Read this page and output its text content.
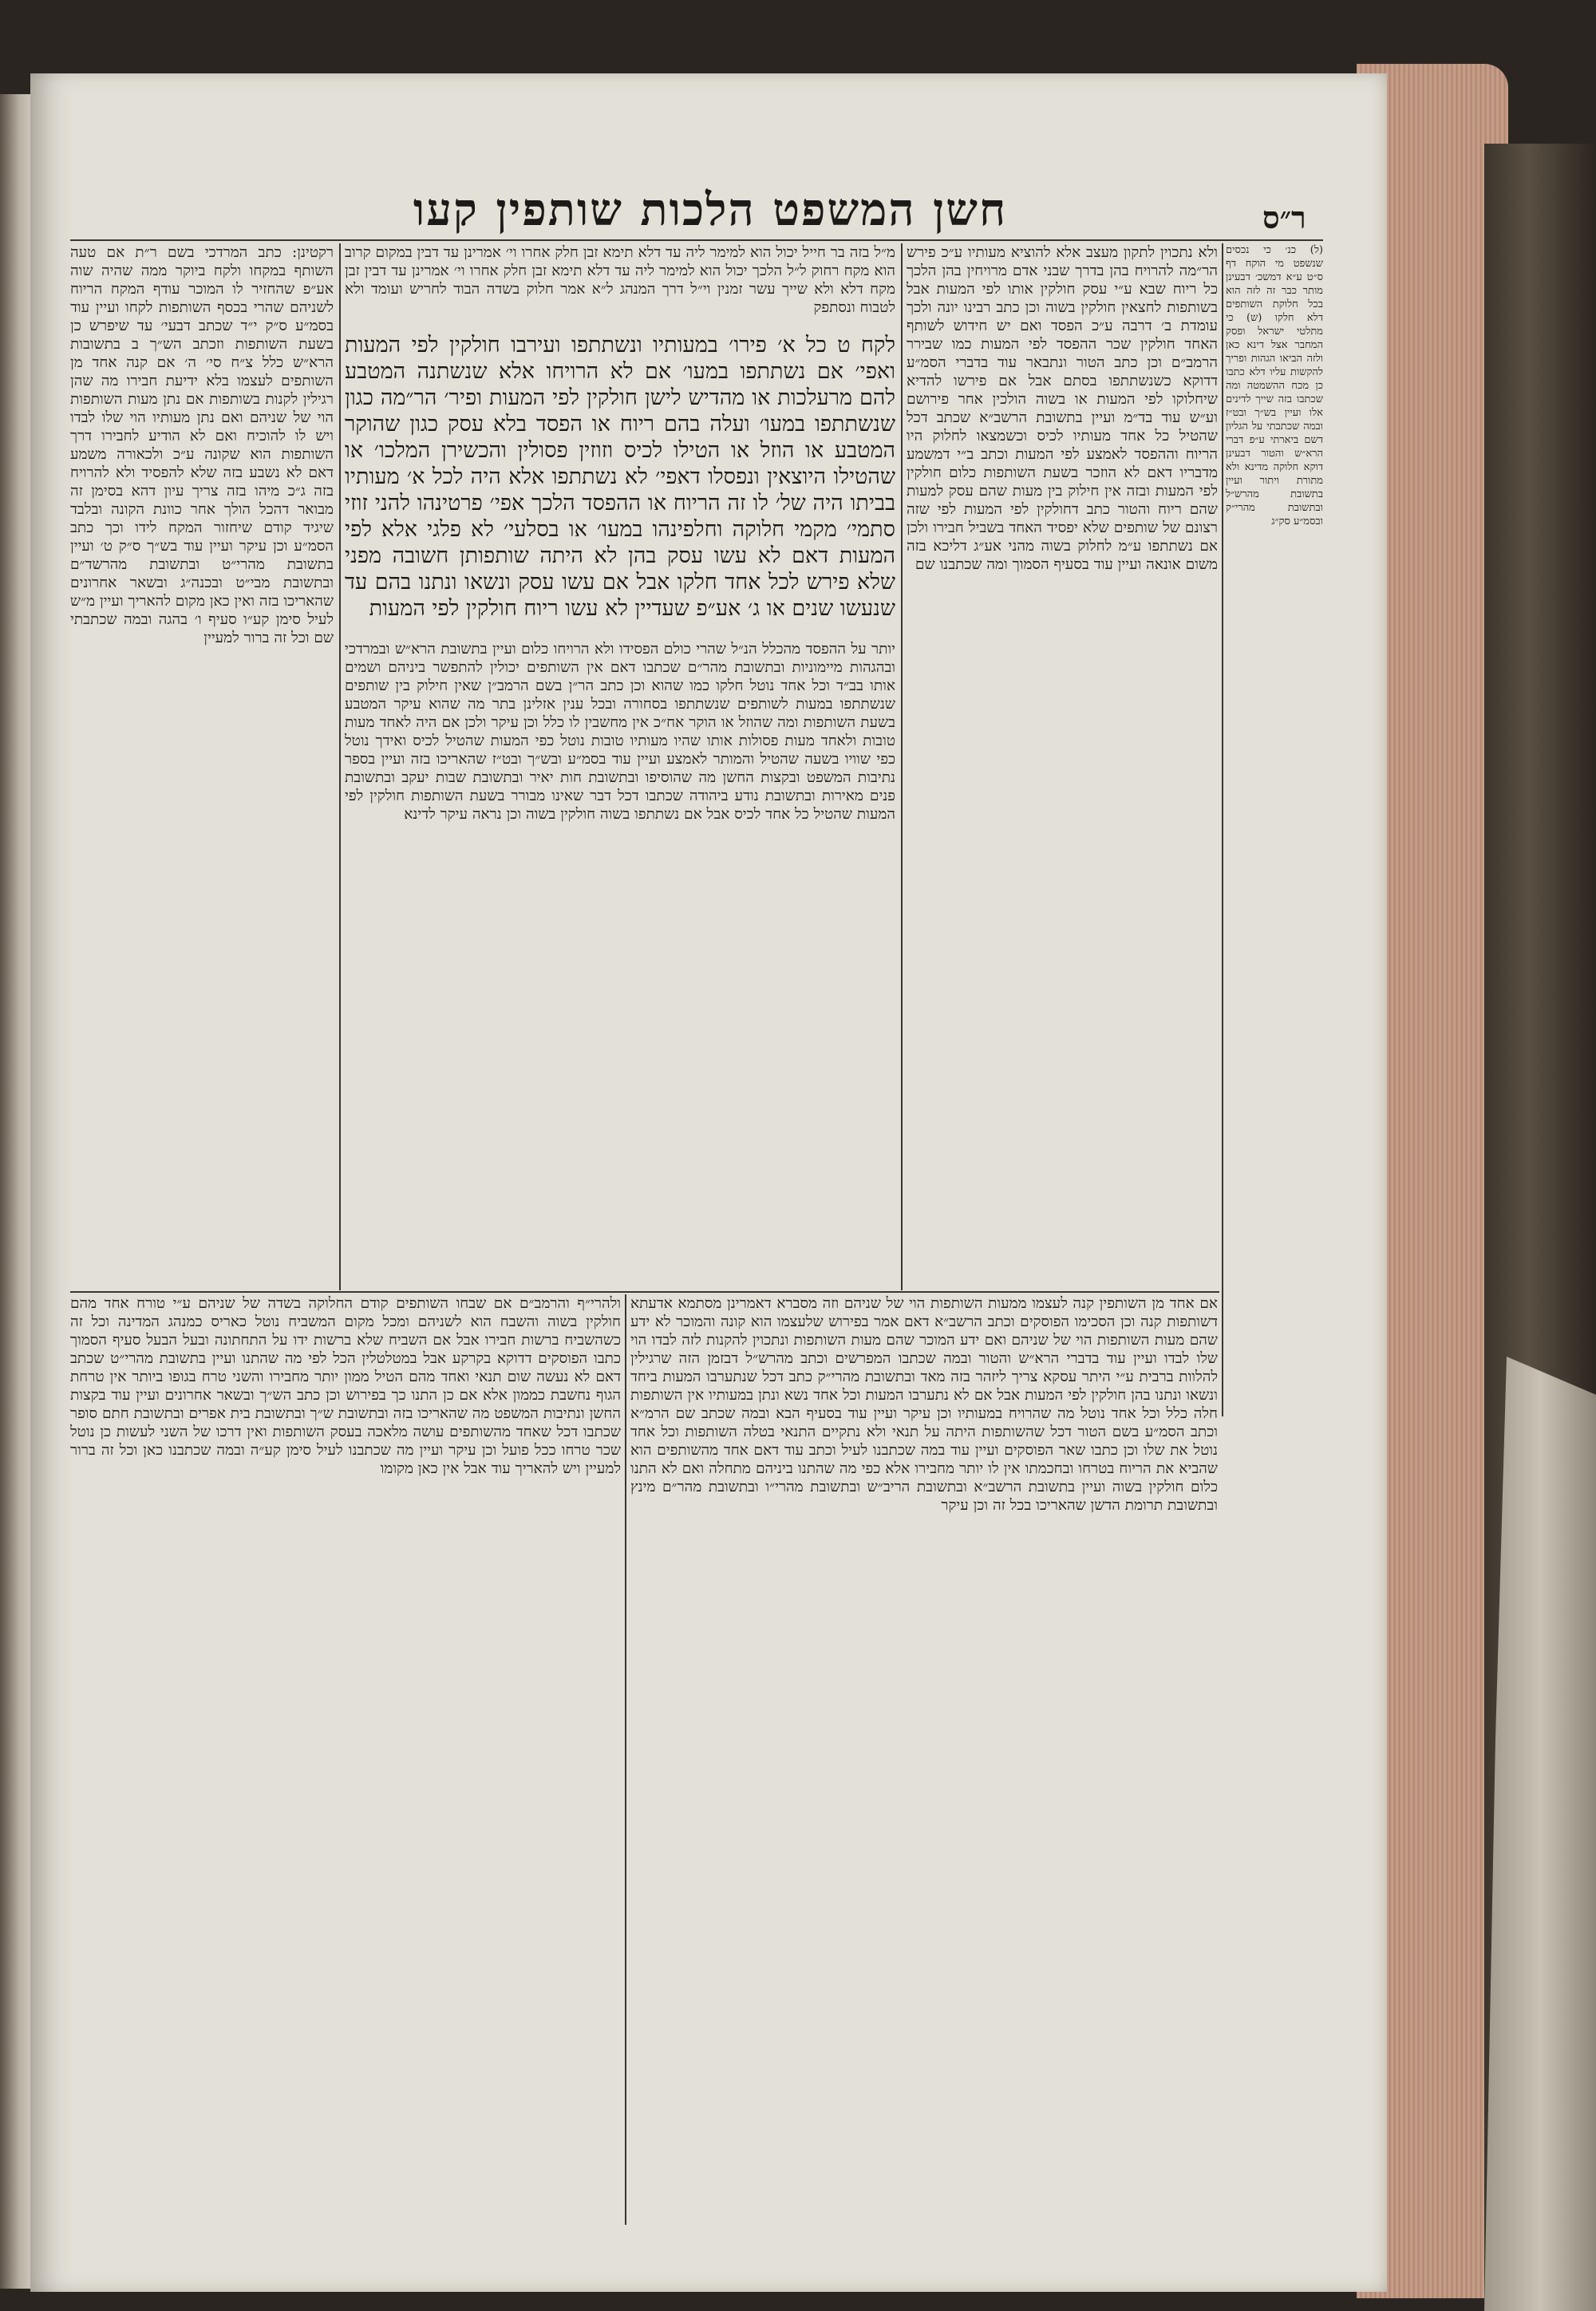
חשן המשפט הלכות שותפין קעו	ר״ס

(ל) כנ׳ כי נכסים שנשפט מי הוקח דף ס״ט ע״א דמשכ׳ דבעינן מותר כבר זה לזה הוא בכל חלוקת השותפים דלא חלקו (ש) כי מתלטי ישראל ופסק המחבר אצל דינא כאן ולזה הביאו הגהות ופריך להקשות עליו דלא כתבו כן מכח ההשמטה ומה שכתבו בזה שייך לדינים אלו ועיין בש״ך ובט״ז ובמה שכתבתי על הגליון דשם ביארתי ע״פ דברי הרא״ש והטור דבעינן דוקא חלוקה מדינא ולא מתורת ויתור ועיין בתשובת מהרש״ל ובתשובת מהרי״ק ובסמ״ע סק״ג

ולא נתכוין לתקון מעצב אלא להוציא מעותיו ע״כ פירש הר״מה להרויח בהן בדרך שבני אדם מרויחין בהן הלכך כל ריוח שבא ע״י עסק חולקין אותו לפי המעות אבל בשותפות לחצאין חולקין בשוה וכן כתב רבינו יונה ולכך עומדת ב׳ דרבה ע״כ הפסד ואם יש חידוש לשותף האחד חולקין שכר ההפסד לפי המעות כמו שבירר הרמב״ם וכן כתב הטור ונתבאר עוד בדברי הסמ״ע דדוקא כשנשתתפו בסתם אבל אם פירשו להדיא שיחלוקו לפי המעות או בשוה הולכין אחר פירושם וע״ש עוד בד״מ ועיין בתשובת הרשב״א שכתב דכל שהטיל כל אחד מעותיו לכיס וכשמצאו לחלוק היו הריוח וההפסד לאמצע לפי המעות וכתב ב״י דמשמע מדבריו דאם לא הוזכר בשעת השותפות כלום חולקין לפי המעות ובזה אין חילוק בין מעות שהם עסק למעות שהם ריוח והטור כתב דחולקין לפי המעות לפי שזה רצונם של שותפים שלא יפסיד האחד בשביל חבירו ולכן אם נשתתפו ע״מ לחלוק בשוה מהני אע״ג דליכא בזה משום אונאה ועיין עוד בסעיף הסמוך ומה שכתבנו שם

מ״ל בזה בר חייל יכול הוא למימר ליה עד דלא תימא זבן חלק אחרו וי׳ אמרינן עד דבין במקום קרוב הוא מקח רחוק ל״ל הלכך יכול הוא למימר ליה עד דלא תימא זבן חלק אחרו וי׳ אמרינן עד דבין זבן מקח דלא ולא שייך עשר זמנין וי״ל דרך המנהג ל״א אמר חלוק בשדה הבוד לחריש ועומד ולא לטבוח ונסתפק

לקח ט כל א׳ פירו׳ במעותיו ונשתתפו ועירבו חולקין לפי המעות ואפי׳ אם נשתתפו במעו׳ אם לא הרויחו אלא שנשתנה המטבע להם מרעלכות או מהדיש לישן חולקין לפי המעות ופיר׳ הר״מה כגון שנשתתפו במעו׳ ועלה בהם ריוח או הפסד בלא עסק כגון שהוקר המטבע או הוזל או הטילו לכיס וזוזין פסולין והכשירן המלכו׳ או שהטילו היוצאין ונפסלו דאפי׳ לא נשתתפו אלא היה לכל א׳ מעותיו בביתו היה של׳ לו זה הריוח או ההפסד הלכך אפי׳ פרטינהו להני זוזי סתמי׳ מקמי חלוקה וחלפינהו במעו׳ או בסלעי׳ לא פלגי אלא לפי המעות דאם לא עשו עסק בהן לא היתה שותפותן חשובה מפני שלא פירש לכל אחד חלקו אבל אם עשו עסק ונשאו ונתנו בהם עד שנעשו שנים או ג׳ אע״פ שעדיין לא עשו ריוח חולקין לפי המעות

יותר על ההפסד מהכלל הנ״ל שהרי כולם הפסידו ולא הרויחו כלום ועיין בתשובת הרא״ש ובמרדכי ובהגהות מיימוניות ובתשובת מהר״ם שכתבו דאם אין השותפים יכולין להתפשר ביניהם ושמים אותו בב״ד וכל אחד נוטל חלקו כמו שהוא וכן כתב הר״ן בשם הרמב״ן שאין חילוק בין שותפים שנשתתפו במעות לשותפים שנשתתפו בסחורה ובכל ענין אזלינן בתר מה שהוא עיקר המטבע בשעת השותפות ומה שהוזל או הוקר אח״כ אין מחשבין לו כלל וכן עיקר ולכן אם היה לאחד מעות טובות ולאחד מעות פסולות אותו שהיו מעותיו טובות נוטל כפי המעות שהטיל לכיס ואידך נוטל כפי שוויו בשעה שהטיל והמותר לאמצע ועיין עוד בסמ״ע ובש״ך ובט״ז שהאריכו בזה ועיין בספר נתיבות המשפט ובקצות החשן מה שהוסיפו ובתשובת חות יאיר ובתשובת שבות יעקב ובתשובת פנים מאירות ובתשובת נודע ביהודה שכתבו דכל דבר שאינו מבורר בשעת השותפות חולקין לפי המעות שהטיל כל אחד לכיס אבל אם נשתתפו בשוה חולקין בשוה וכן נראה עיקר לדינא

רקטינן: כתב המרדכי בשם ר״ת אם טעה השותף במקחו ולקח ביוקר ממה שהיה שוה אע״פ שהחזיר לו המוכר עודף המקח הריוח לשניהם שהרי בכסף השותפות לקחו ועיין עוד בסמ״ע ס״ק י״ד שכתב דבעי׳ עד שיפרש כן בשעת השותפות וזכתב הש״ך ב בתשובות הרא״ש כלל צ״ח סי׳ ה׳ אם קנה אחד מן השותפים לעצמו בלא ידיעת חבירו מה שהן רגילין לקנות בשותפות אם נתן מעות השותפות הוי של שניהם ואם נתן מעותיו הוי שלו לבדו ויש לו להוכיח ואם לא הודיע לחבירו דרך השותפות הוא שקונה ע״כ ולכאורה משמע דאם לא נשבע בזה שלא להפסיד ולא להרויח בזה ג״כ מיהו בזה צריך עיון דהא בסימן זה מבואר דהכל הולך אחר כוונת הקונה ובלבד שיגיד קודם שיחזור המקח לידו וכך כתב הסמ״ע וכן עיקר ועיין עוד בש״ך ס״ק ט׳ ועיין בתשובת מהרי״ט ובתשובת מהרשד״ם ובתשובת מבי״ט ובכנה״ג ובשאר אחרונים שהאריכו בזה ואין כאן מקום להאריך ועיין מ״ש לעיל סימן קע״ו סעיף ו׳ בהגה ובמה שכתבתי שם וכל זה ברור למעיין

אם אחד מן השותפין קנה לעצמו ממעות השותפות הוי של שניהם וזה מסברא דאמרינן מסתמא אדעתא דשותפות קנה וכן הסכימו הפוסקים וכתב הרשב״א דאם אמר בפירוש שלעצמו הוא קונה והמוכר לא ידע שהם מעות השותפות הוי של שניהם ואם ידע המוכר שהם מעות השותפות ונתכוין להקנות לזה לבדו הוי שלו לבדו ועיין עוד בדברי הרא״ש והטור ובמה שכתבו המפרשים וכתב מהרש״ל דבזמן הזה שרגילין להלוות ברבית ע״י היתר עסקא צריך ליזהר בזה מאד ובתשובת מהרי״ק כתב דכל שנתערבו המעות ביחד ונשאו ונתנו בהן חולקין לפי המעות אבל אם לא נתערבו המעות וכל אחד נשא ונתן במעותיו אין השותפות חלה כלל וכל אחד נוטל מה שהרויח במעותיו וכן עיקר ועיין עוד בסעיף הבא ובמה שכתב שם הרמ״א וכתב הסמ״ע בשם הטור דכל שהשותפות היתה על תנאי ולא נתקיים התנאי בטלה השותפות וכל אחד נוטל את שלו וכן כתבו שאר הפוסקים ועיין עוד במה שכתבנו לעיל וכתב עוד דאם אחד מהשותפים הוא שהביא את הריוח בטרחו ובחכמתו אין לו יותר מחבירו אלא כפי מה שהתנו ביניהם מתחלה ואם לא התנו כלום חולקין בשוה ועיין בתשובת הרשב״א ובתשובת הריב״ש ובתשובת מהרי״ו ובתשובת מהר״ם מינץ ובתשובת תרומת הדשן שהאריכו בכל זה וכן עיקר

ולהרי״ף והרמב״ם אם שבחו השותפים קודם החלוקה בשדה של שניהם ע״י טורח אחד מהם חולקין בשוה והשבח הוא לשניהם ומכל מקום המשביח נוטל כאריס כמנהג המדינה וכל זה כשהשביח ברשות חבירו אבל אם השביח שלא ברשות ידו על התחתונה ובעל הבעל סעיף הסמוך כתבו הפוסקים דדוקא בקרקע אבל במטלטלין הכל לפי מה שהתנו ועיין בתשובת מהרי״ט שכתב דאם לא נעשה שום תנאי ואחד מהם הטיל ממון יותר מחבירו והשני טרח בגופו ביותר אין טרחת הגוף נחשבת כממון אלא אם כן התנו כך בפירוש וכן כתב הש״ך ובשאר אחרונים ועיין עוד בקצות החשן ונתיבות המשפט מה שהאריכו בזה ובתשובת ש״ך ובתשובת בית אפרים ובתשובת חתם סופר שכתבו דכל שאחד מהשותפים עושה מלאכה בעסק השותפות ואין דרכו של השני לעשות כן נוטל שכר טרחו ככל פועל וכן עיקר ועיין מה שכתבנו לעיל סימן קע״ה ובמה שכתבנו כאן וכל זה ברור למעיין ויש להאריך עוד אבל אין כאן מקומו
